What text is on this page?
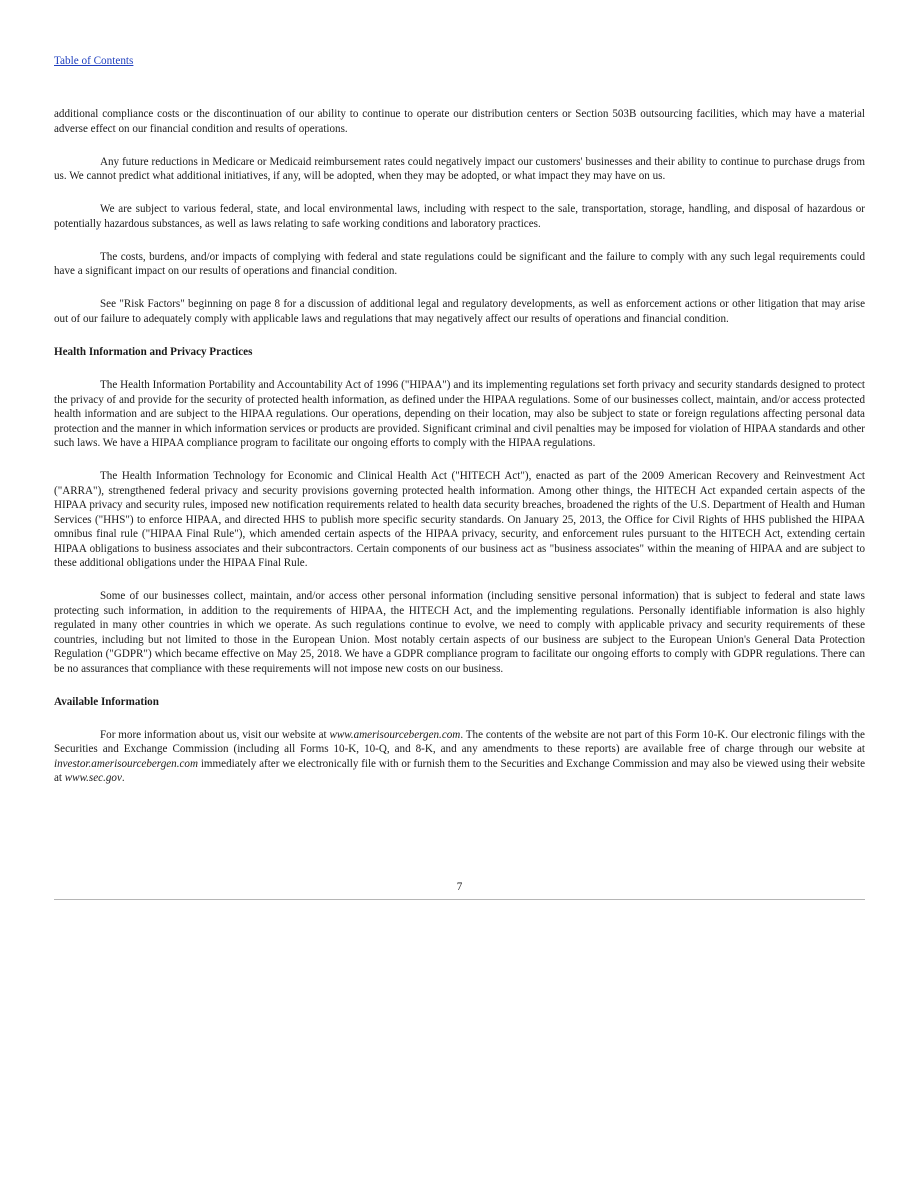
Table of Contents

additional compliance costs or the discontinuation of our ability to continue to operate our distribution centers or Section 503B outsourcing facilities, which may have a material adverse effect on our financial condition and results of operations.

Any future reductions in Medicare or Medicaid reimbursement rates could negatively impact our customers' businesses and their ability to continue to purchase drugs from us. We cannot predict what additional initiatives, if any, will be adopted, when they may be adopted, or what impact they may have on us.

We are subject to various federal, state, and local environmental laws, including with respect to the sale, transportation, storage, handling, and disposal of hazardous or potentially hazardous substances, as well as laws relating to safe working conditions and laboratory practices.

The costs, burdens, and/or impacts of complying with federal and state regulations could be significant and the failure to comply with any such legal requirements could have a significant impact on our results of operations and financial condition.

See "Risk Factors" beginning on page 8 for a discussion of additional legal and regulatory developments, as well as enforcement actions or other litigation that may arise out of our failure to adequately comply with applicable laws and regulations that may negatively affect our results of operations and financial condition.

Health Information and Privacy Practices

The Health Information Portability and Accountability Act of 1996 ("HIPAA") and its implementing regulations set forth privacy and security standards designed to protect the privacy of and provide for the security of protected health information, as defined under the HIPAA regulations. Some of our businesses collect, maintain, and/or access protected health information and are subject to the HIPAA regulations. Our operations, depending on their location, may also be subject to state or foreign regulations affecting personal data protection and the manner in which information services or products are provided. Significant criminal and civil penalties may be imposed for violation of HIPAA standards and other such laws. We have a HIPAA compliance program to facilitate our ongoing efforts to comply with the HIPAA regulations.

The Health Information Technology for Economic and Clinical Health Act ("HITECH Act"), enacted as part of the 2009 American Recovery and Reinvestment Act ("ARRA"), strengthened federal privacy and security provisions governing protected health information. Among other things, the HITECH Act expanded certain aspects of the HIPAA privacy and security rules, imposed new notification requirements related to health data security breaches, broadened the rights of the U.S. Department of Health and Human Services ("HHS") to enforce HIPAA, and directed HHS to publish more specific security standards. On January 25, 2013, the Office for Civil Rights of HHS published the HIPAA omnibus final rule ("HIPAA Final Rule"), which amended certain aspects of the HIPAA privacy, security, and enforcement rules pursuant to the HITECH Act, extending certain HIPAA obligations to business associates and their subcontractors. Certain components of our business act as "business associates" within the meaning of HIPAA and are subject to these additional obligations under the HIPAA Final Rule.

Some of our businesses collect, maintain, and/or access other personal information (including sensitive personal information) that is subject to federal and state laws protecting such information, in addition to the requirements of HIPAA, the HITECH Act, and the implementing regulations. Personally identifiable information is also highly regulated in many other countries in which we operate. As such regulations continue to evolve, we need to comply with applicable privacy and security requirements of these countries, including but not limited to those in the European Union. Most notably certain aspects of our business are subject to the European Union's General Data Protection Regulation ("GDPR") which became effective on May 25, 2018. We have a GDPR compliance program to facilitate our ongoing efforts to comply with GDPR regulations. There can be no assurances that compliance with these requirements will not impose new costs on our business.

Available Information

For more information about us, visit our website at www.amerisourcebergen.com. The contents of the website are not part of this Form 10-K. Our electronic filings with the Securities and Exchange Commission (including all Forms 10-K, 10-Q, and 8-K, and any amendments to these reports) are available free of charge through our website at investor.amerisourcebergen.com immediately after we electronically file with or furnish them to the Securities and Exchange Commission and may also be viewed using their website at www.sec.gov.

7
